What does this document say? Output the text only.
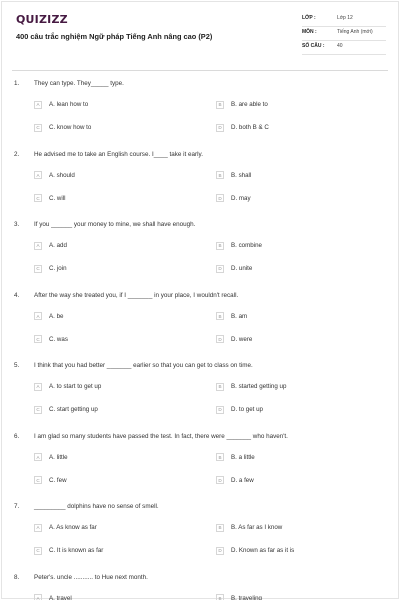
QUIZIZZ
400 câu trắc nghiệm Ngữ pháp Tiếng Anh nâng cao (P2)
LỚP :	Lớp 12
MÔN :	Tiếng Anh (mới)
SỐ CÂU :	40
1. They can type. They_____ type.
A	A. lean how to	B	B. are able to
C	C. know how to	D	D. both B & C
2. He advised me to take an English course. I____ take it early.
A	A. should	B	B. shall
C	C. will	D	D. may
3. If you ______ your money to mine, we shall have enough.
A	A. add	B	B. combine
C	C. join	D	D. unite
4. After the way she treated you, if I _______ in your place, I wouldn't recall.
A	A. be	B	B. am
C	C. was	D	D. were
5. I think that you had better _______ earlier so that you can get to class on time.
A	A. to start to get up	B	B. started getting up
C	C. start getting up	D	D. to get up
6. I am glad so many students have passed the test. In fact, there were _______ who haven't.
A	A. little	B	B. a little
C	C. few	D	D. a few
7. _________ dolphins have no sense of smell.
A	A. As know as far	B	B. As far as I know
C	C. It is known as far	D	D. Known as far as it is
8. Peter's. uncle ........... to Hue next month.
A	A. travel	B	B. traveling
